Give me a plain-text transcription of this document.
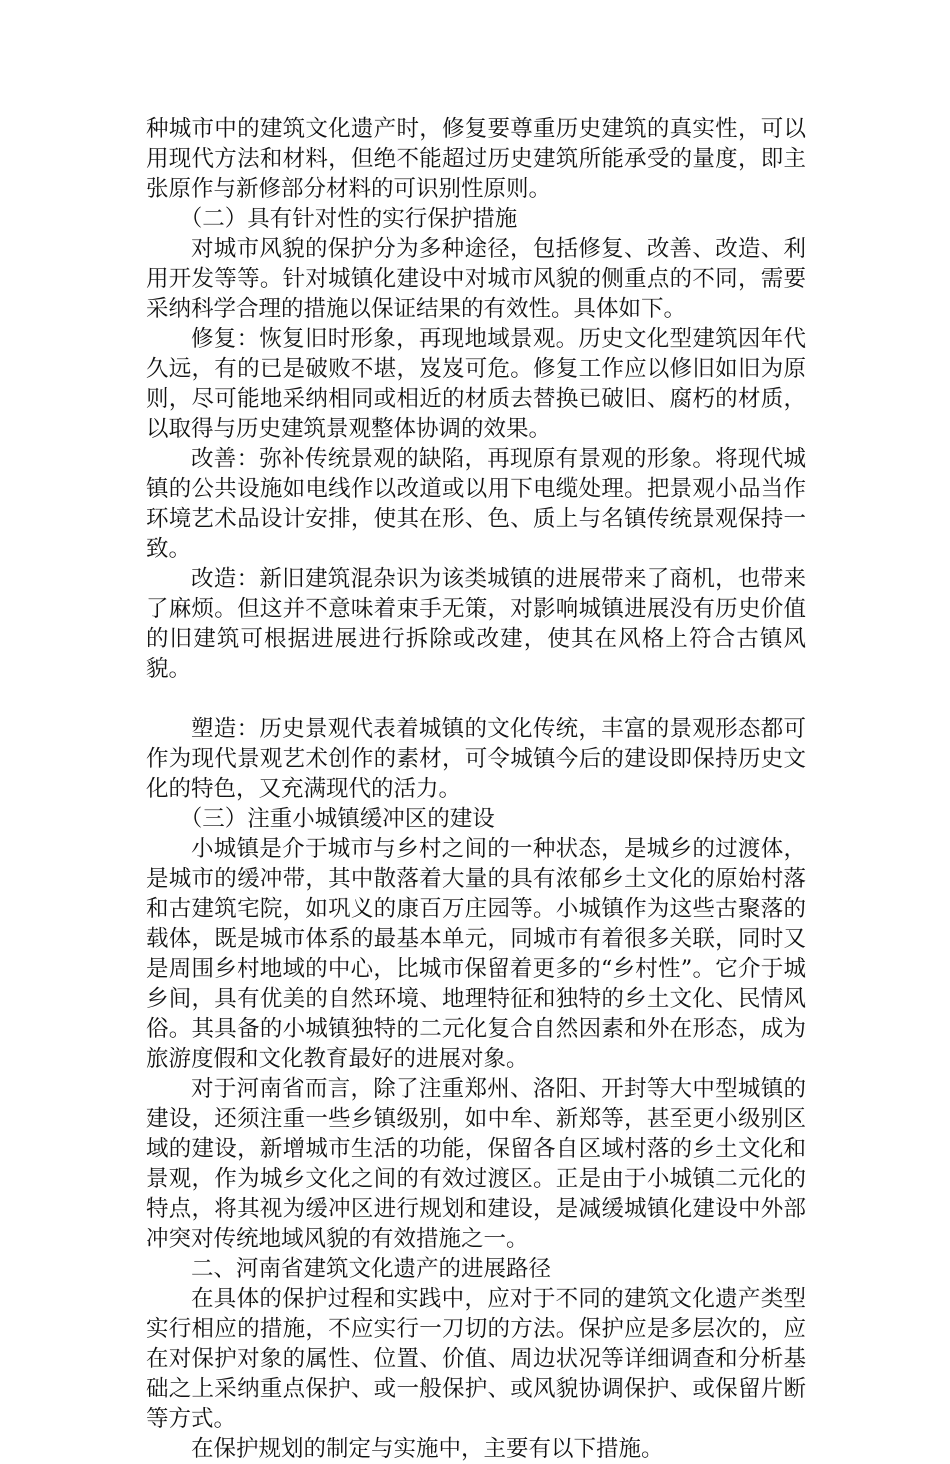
种城市中的建筑文化遗产时，修复要尊重历史建筑的真实性，可以用现代方法和材料，但绝不能超过历史建筑所能承受的量度，即主张原作与新修部分材料的可识别性原则。

（二）具有针对性的实行保护措施

对城市风貌的保护分为多种途径，包括修复、改善、改造、利用开发等等。针对城镇化建设中对城市风貌的侧重点的不同，需要采纳科学合理的措施以保证结果的有效性。具体如下。

修复：恢复旧时形象，再现地域景观。历史文化型建筑因年代久远，有的已是破败不堪，岌岌可危。修复工作应以修旧如旧为原则，尽可能地采纳相同或相近的材质去替换已破旧、腐朽的材质，以取得与历史建筑景观整体协调的效果。

改善：弥补传统景观的缺陷，再现原有景观的形象。将现代城镇的公共设施如电线作以改道或以用下电缆处理。把景观小品当作环境艺术品设计安排，使其在形、色、质上与名镇传统景观保持一致。

改造：新旧建筑混杂识为该类城镇的进展带来了商机，也带来了麻烦。但这并不意味着束手无策，对影响城镇进展没有历史价值的旧建筑可根据进展进行拆除或改建，使其在风格上符合古镇风貌。

塑造：历史景观代表着城镇的文化传统，丰富的景观形态都可作为现代景观艺术创作的素材，可令城镇今后的建设即保持历史文化的特色，又充满现代的活力。

（三）注重小城镇缓冲区的建设

小城镇是介于城市与乡村之间的一种状态，是城乡的过渡体，是城市的缓冲带，其中散落着大量的具有浓郁乡土文化的原始村落和古建筑宅院，如巩义的康百万庄园等。小城镇作为这些古聚落的载体，既是城市体系的最基本单元，同城市有着很多关联，同时又是周围乡村地域的中心，比城市保留着更多的“乡村性”。它介于城乡间，具有优美的自然环境、地理特征和独特的乡土文化、民情风俗。其具备的小城镇独特的二元化复合自然因素和外在形态，成为旅游度假和文化教育最好的进展对象。

对于河南省而言，除了注重郑州、洛阳、开封等大中型城镇的建设，还须注重一些乡镇级别，如中牟、新郑等，甚至更小级别区域的建设，新增城市生活的功能，保留各自区域村落的乡土文化和景观，作为城乡文化之间的有效过渡区。正是由于小城镇二元化的特点，将其视为缓冲区进行规划和建设，是减缓城镇化建设中外部冲突对传统地域风貌的有效措施之一。

二、河南省建筑文化遗产的进展路径

在具体的保护过程和实践中，应对于不同的建筑文化遗产类型实行相应的措施，不应实行一刀切的方法。保护应是多层次的，应在对保护对象的属性、位置、价值、周边状况等详细调查和分析基础之上采纳重点保护、或一般保护、或风貌协调保护、或保留片断等方式。

在保护规划的制定与实施中，主要有以下措施。
